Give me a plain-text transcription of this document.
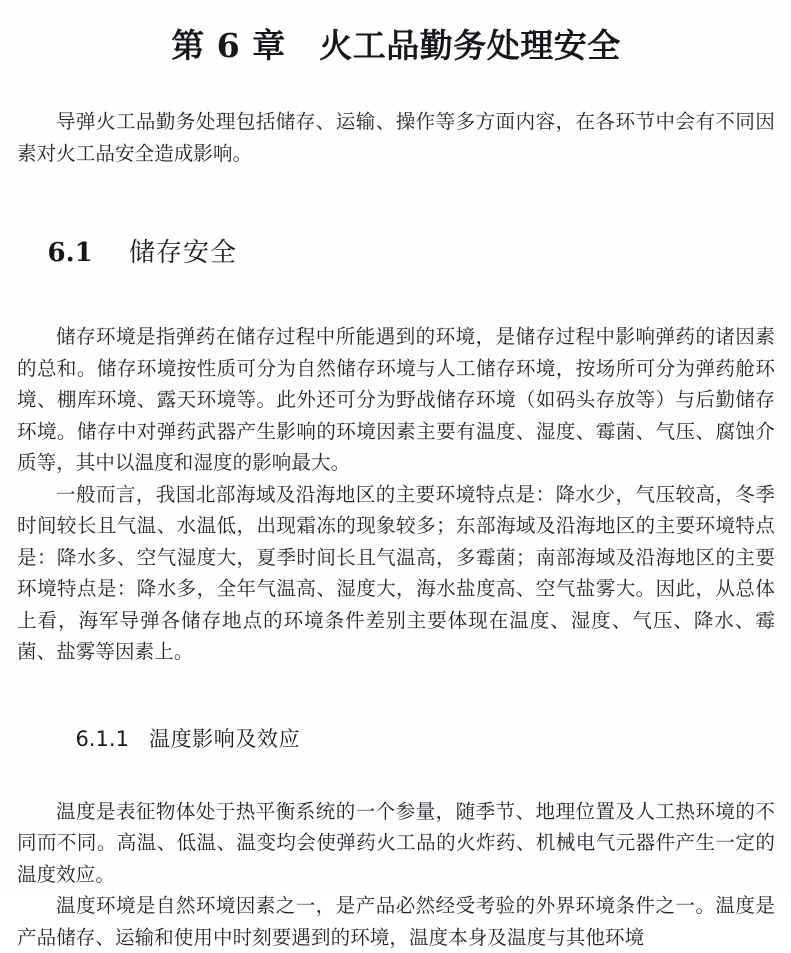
第 6 章　火工品勤务处理安全

导弹火工品勤务处理包括储存、运输、操作等多方面内容，在各环节中会有不同因素对火工品安全造成影响。

6.1 储存安全

储存环境是指弹药在储存过程中所能遇到的环境，是储存过程中影响弹药的诸因素的总和。储存环境按性质可分为自然储存环境与人工储存环境，按场所可分为弹药舱环境、棚库环境、露天环境等。此外还可分为野战储存环境（如码头存放等）与后勤储存环境。储存中对弹药武器产生影响的环境因素主要有温度、湿度、霉菌、气压、腐蚀介质等，其中以温度和湿度的影响最大。

一般而言，我国北部海域及沿海地区的主要环境特点是：降水少，气压较高，冬季时间较长且气温、水温低，出现霜冻的现象较多；东部海域及沿海地区的主要环境特点是：降水多、空气湿度大，夏季时间长且气温高，多霉菌；南部海域及沿海地区的主要环境特点是：降水多，全年气温高、湿度大，海水盐度高、空气盐雾大。因此，从总体上看，海军导弹各储存地点的环境条件差别主要体现在温度、湿度、气压、降水、霉菌、盐雾等因素上。

6.1.1 温度影响及效应

温度是表征物体处于热平衡系统的一个参量，随季节、地理位置及人工热环境的不同而不同。高温、低温、温变均会使弹药火工品的火炸药、机械电气元器件产生一定的温度效应。

温度环境是自然环境因素之一，是产品必然经受考验的外界环境条件之一。温度是产品储存、运输和使用中时刻要遇到的环境，温度本身及温度与其他环境
